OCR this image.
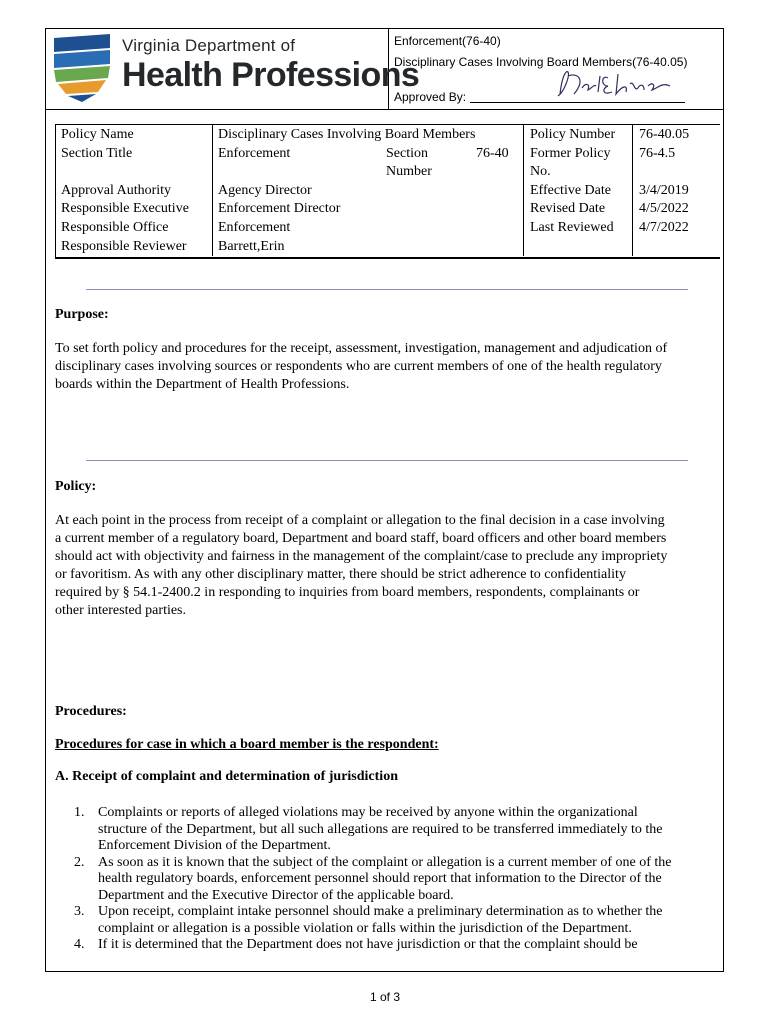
Virginia Department of
Health Professions
Enforcement(76-40)
Disciplinary Cases Involving Board Members(76-40.05)
Approved By:
Policy Name
Section Title
Approval Authority
Responsible Executive
Responsible Office
Responsible Reviewer
Disciplinary Cases Involving Board Members
Enforcement	Section
Number
76-40
Agency Director
Enforcement Director
Enforcement
Barrett,Erin
Policy Number
Former Policy
No.
Effective Date
Revised Date
Last Reviewed
76-40.05
76-4.5
3/4/2019
4/5/2022
4/7/2022
Purpose:
To set forth policy and procedures for the receipt, assessment, investigation, management and adjudication of
disciplinary cases involving sources or respondents who are current members of one of the health regulatory
boards within the Department of Health Professions.
Policy:
At each point in the process from receipt of a complaint or allegation to the final decision in a case involving
a current member of a regulatory board, Department and board staff, board officers and other board members
should act with objectivity and fairness in the management of the complaint/case to preclude any impropriety
or favoritism. As with any other disciplinary matter, there should be strict adherence to confidentiality
required by § 54.1-2400.2 in responding to inquiries from board members, respondents, complainants or
other interested parties.
Procedures:
Procedures for case in which a board member is the respondent:
A. Receipt of complaint and determination of jurisdiction
1. Complaints or reports of alleged violations may be received by anyone within the organizational
structure of the Department, but all such allegations are required to be transferred immediately to the
Enforcement Division of the Department.
2. As soon as it is known that the subject of the complaint or allegation is a current member of one of the
health regulatory boards, enforcement personnel should report that information to the Director of the
Department and the Executive Director of the applicable board.
3. Upon receipt, complaint intake personnel should make a preliminary determination as to whether the
complaint or allegation is a possible violation or falls within the jurisdiction of the Department.
4. If it is determined that the Department does not have jurisdiction or that the complaint should be
1 of 3
